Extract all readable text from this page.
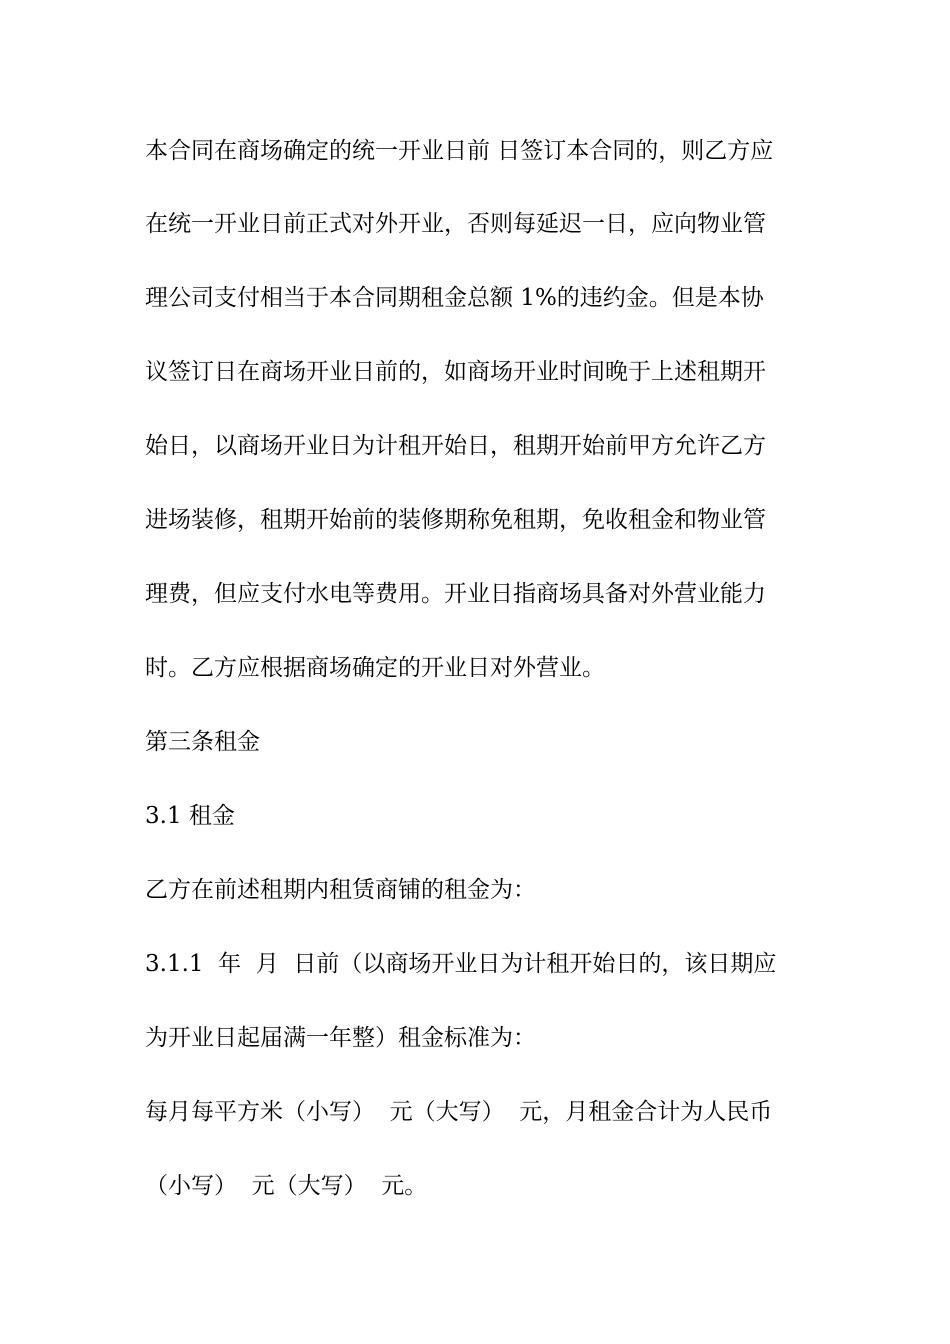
本合同在商场确定的统一开业日前 日签订本合同的，则乙方应
在统一开业日前正式对外开业，否则每延迟一日，应向物业管
理公司支付相当于本合同期租金总额 1%的违约金。但是本协
议签订日在商场开业日前的，如商场开业时间晚于上述租期开
始日，以商场开业日为计租开始日，租期开始前甲方允许乙方
进场装修，租期开始前的装修期称免租期，免收租金和物业管
理费，但应支付水电等费用。开业日指商场具备对外营业能力
时。乙方应根据商场确定的开业日对外营业。
第三条租金
3.1 租金
乙方在前述租期内租赁商铺的租金为：
3.1.1  年  月  日前（以商场开业日为计租开始日的，该日期应
为开业日起届满一年整）租金标准为：
每月每平方米（小写）  元（大写）  元，月租金合计为人民币
（小写）  元（大写）  元。
